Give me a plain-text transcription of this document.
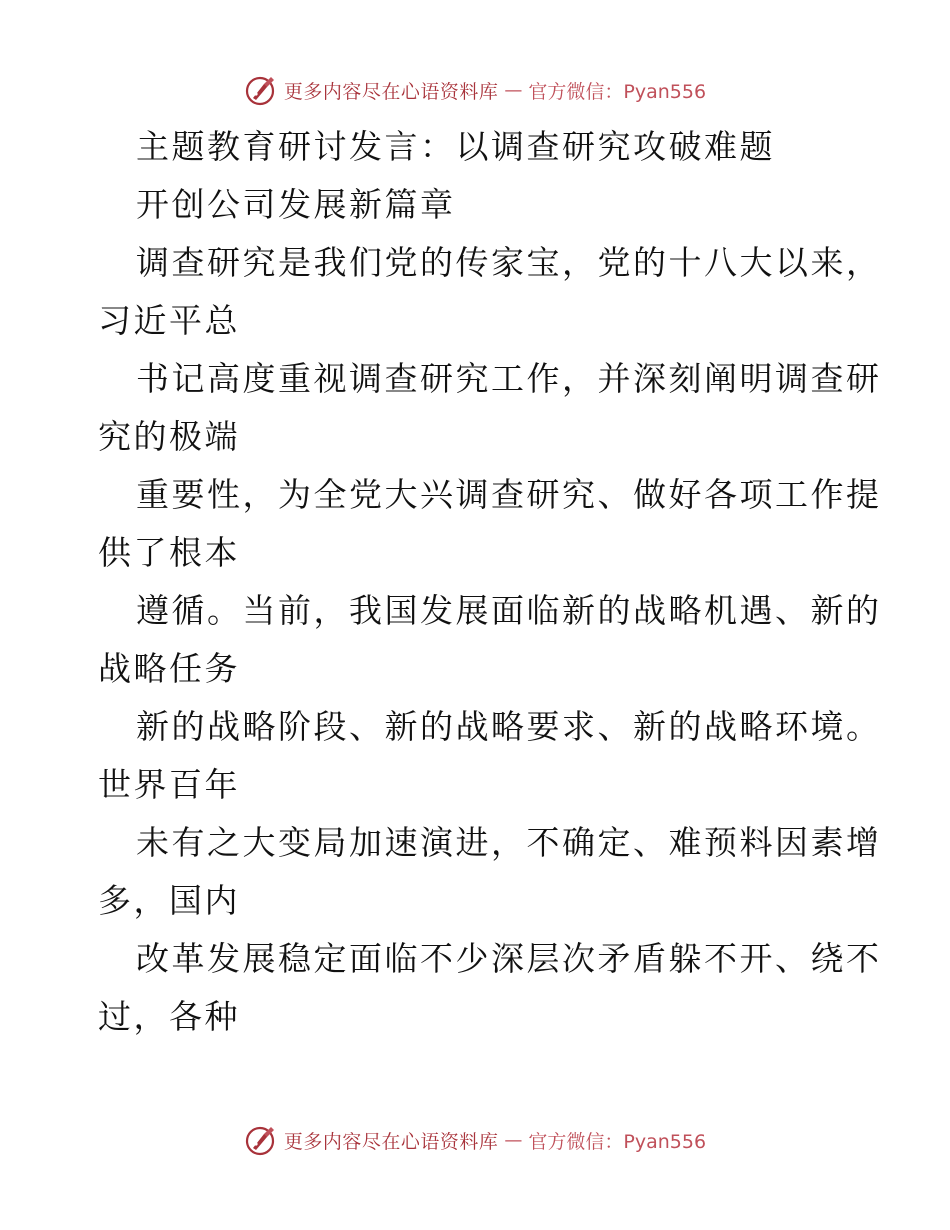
更多内容尽在心语资料库 — 官方微信：Pyan556
主题教育研讨发言：以调查研究攻破难题
开创公司发展新篇章
调查研究是我们党的传家宝，党的十八大以来，
习近平总
书记高度重视调查研究工作，并深刻阐明调查研
究的极端
重要性，为全党大兴调查研究、做好各项工作提
供了根本
遵循。当前，我国发展面临新的战略机遇、新的
战略任务
新的战略阶段、新的战略要求、新的战略环境。
世界百年
未有之大变局加速演进，不确定、难预料因素增
多，国内
改革发展稳定面临不少深层次矛盾躲不开、绕不
过，各种
更多内容尽在心语资料库 — 官方微信：Pyan556
